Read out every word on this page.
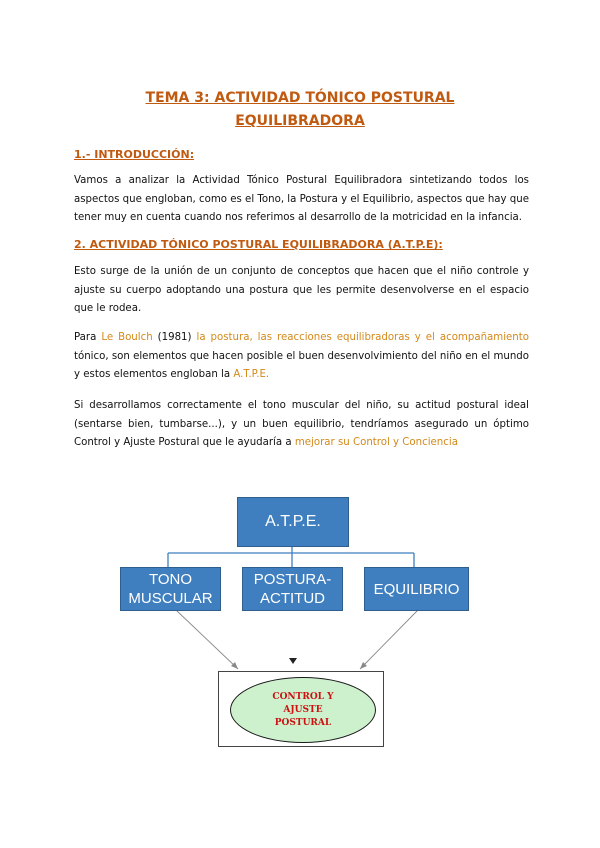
TEMA 3: ACTIVIDAD TÓNICO POSTURAL
EQUILIBRADORA
1.- INTRODUCCIÓN:
Vamos a analizar la Actividad Tónico Postural Equilibradora sintetizando todos los aspectos que engloban, como es el Tono, la Postura y el Equilibrio, aspectos que hay que tener muy en cuenta cuando nos referimos al desarrollo de la motricidad en la infancia.
2. ACTIVIDAD TÓNICO POSTURAL EQUILIBRADORA (A.T.P.E):
Esto surge de la unión de un conjunto de conceptos que hacen que el niño controle y ajuste su cuerpo adoptando una postura que les permite desenvolverse en el espacio que le rodea.
Para Le Boulch (1981) la postura, las reacciones equilibradoras y el acompañamiento tónico, son elementos que hacen posible el buen desenvolvimiento del niño en el mundo y estos elementos engloban la A.T.P.E.
Si desarrollamos correctamente el tono muscular del niño, su actitud postural ideal (sentarse bien, tumbarse...), y un buen equilibrio, tendríamos asegurado un óptimo Control y Ajuste Postural que le ayudaría a mejorar su Control y Conciencia
A.T.P.E.
TONO
MUSCULAR
POSTURA-
ACTITUD
EQUILIBRIO
CONTROL Y
AJUSTE
POSTURAL
